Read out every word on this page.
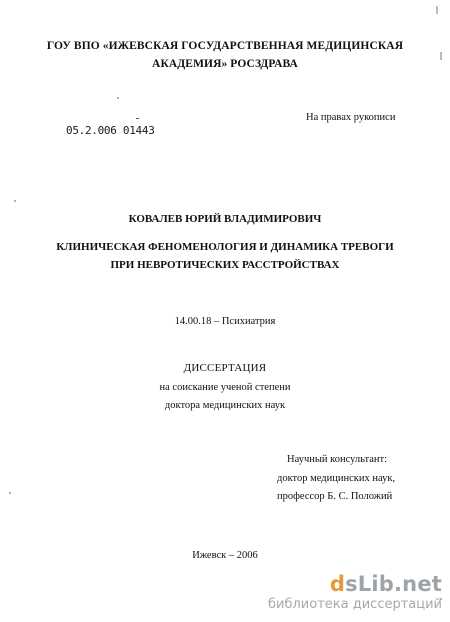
ГОУ ВПО «ИЖЕВСКАЯ ГОСУДАРСТВЕННАЯ МЕДИЦИНСКАЯ
АКАДЕМИЯ» РОСЗДРАВА
На правах рукописи
05.2.006 01443
КОВАЛЕВ ЮРИЙ ВЛАДИМИРОВИЧ
КЛИНИЧЕСКАЯ ФЕНОМЕНОЛОГИЯ И ДИНАМИКА ТРЕВОГИ
ПРИ НЕВРОТИЧЕСКИХ РАССТРОЙСТВАХ
14.00.18 – Психиатрия
ДИССЕРТАЦИЯ
на соискание ученой степени
доктора медицинских наук
Научный консультант:
доктор медицинских наук,
профессор Б. С. Положий
Ижевск – 2006
d sLib.net
библиотека диссертаций
